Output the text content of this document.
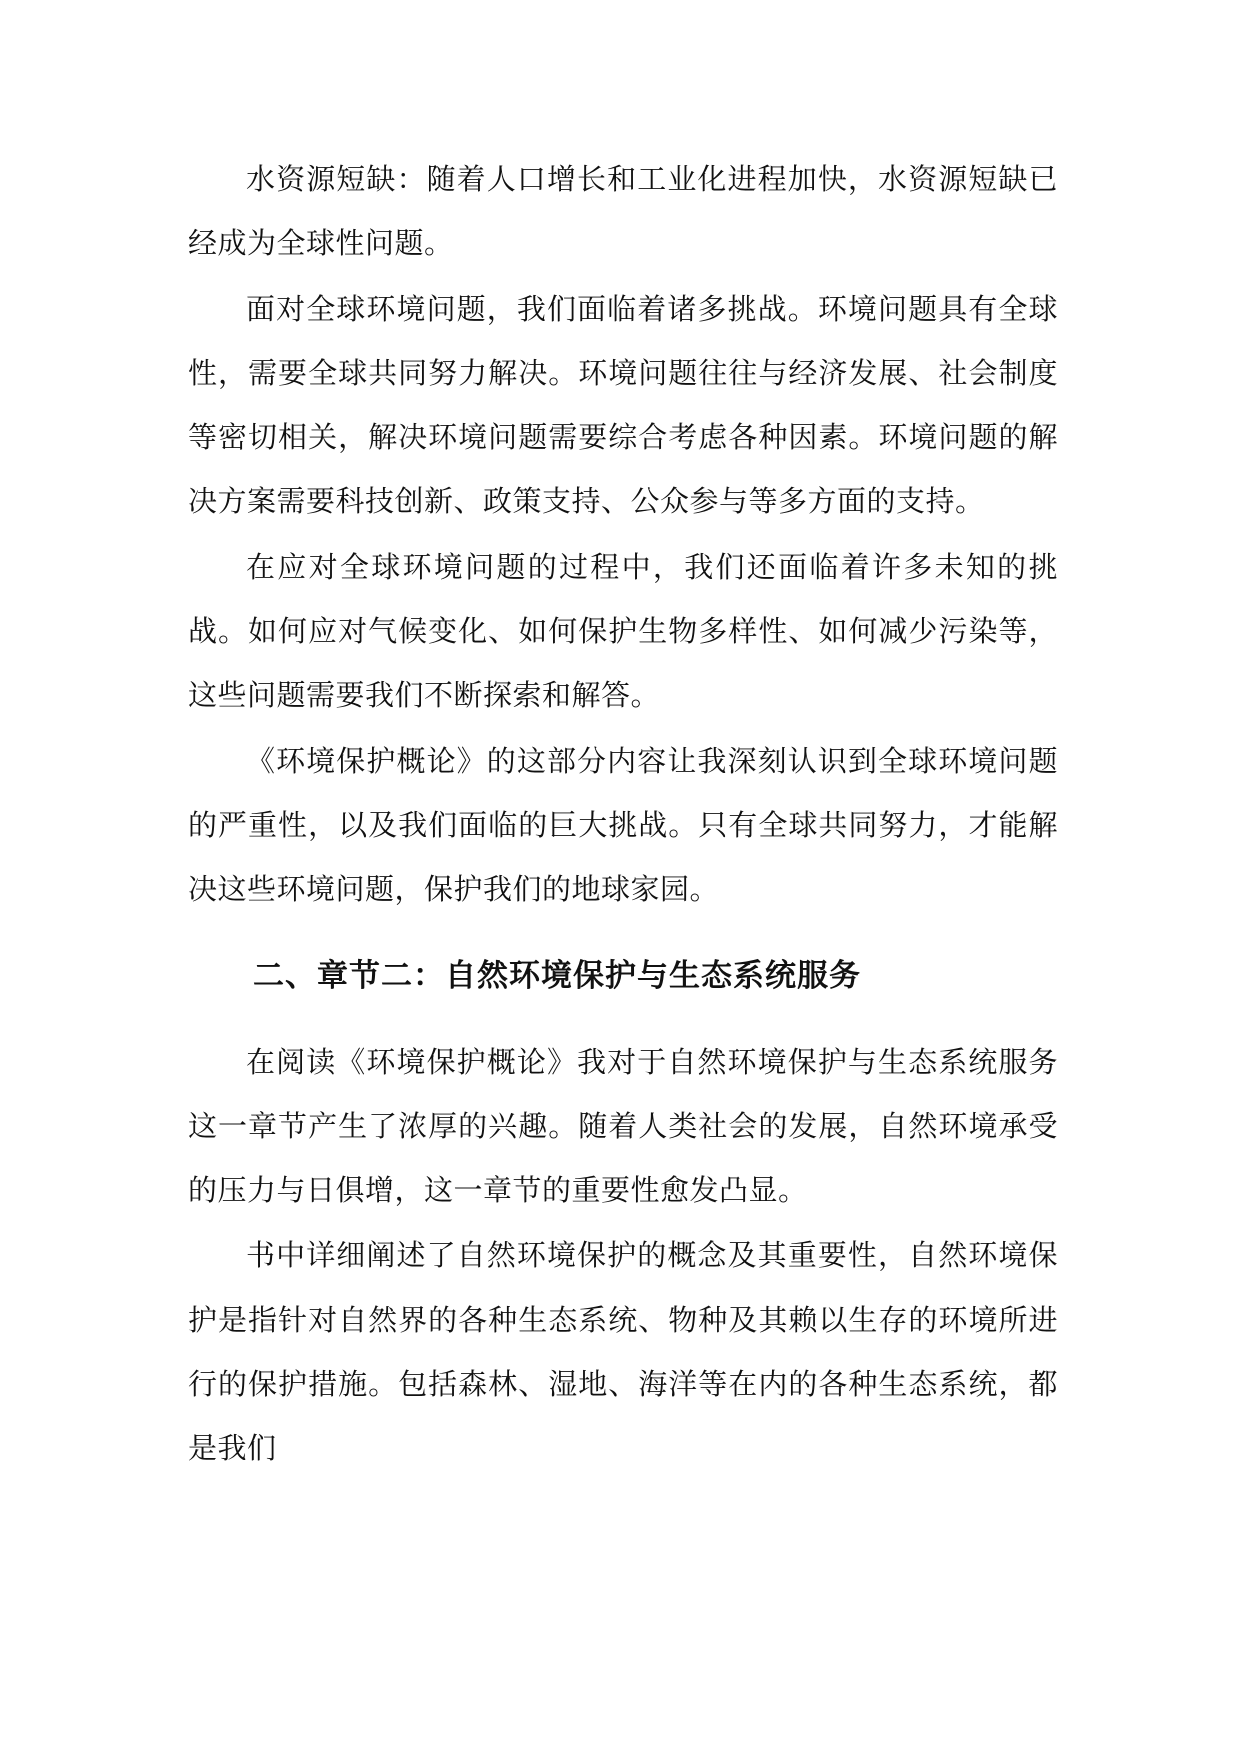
水资源短缺：随着人口增长和工业化进程加快，水资源短缺已经成为全球性问题。

面对全球环境问题，我们面临着诸多挑战。环境问题具有全球性，需要全球共同努力解决。环境问题往往与经济发展、社会制度等密切相关，解决环境问题需要综合考虑各种因素。环境问题的解决方案需要科技创新、政策支持、公众参与等多方面的支持。

在应对全球环境问题的过程中，我们还面临着许多未知的挑战。如何应对气候变化、如何保护生物多样性、如何减少污染等，这些问题需要我们不断探索和解答。

《环境保护概论》的这部分内容让我深刻认识到全球环境问题的严重性，以及我们面临的巨大挑战。只有全球共同努力，才能解决这些环境问题，保护我们的地球家园。

二、章节二：自然环境保护与生态系统服务

在阅读《环境保护概论》我对于自然环境保护与生态系统服务这一章节产生了浓厚的兴趣。随着人类社会的发展，自然环境承受的压力与日俱增，这一章节的重要性愈发凸显。

书中详细阐述了自然环境保护的概念及其重要性，自然环境保护是指针对自然界的各种生态系统、物种及其赖以生存的环境所进行的保护措施。包括森林、湿地、海洋等在内的各种生态系统，都是我们
